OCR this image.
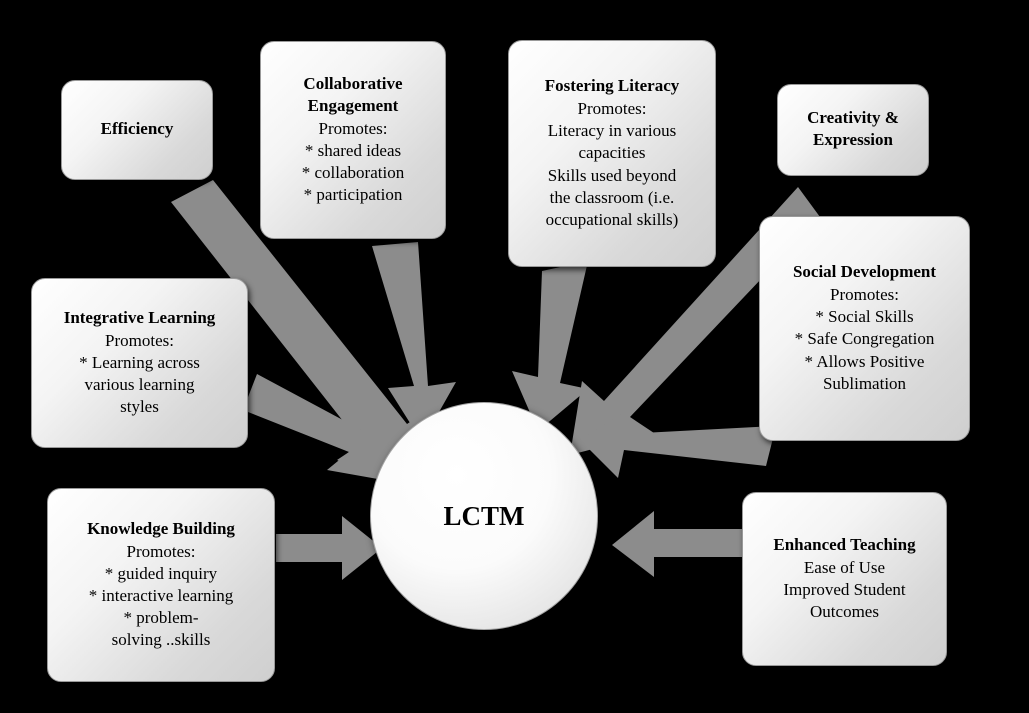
Efficiency
Collaborative
Engagement
Promotes:
* shared ideas
* collaboration
* participation
Fostering Literacy
Promotes:
Literacy in various
capacities
Skills used beyond
the classroom (i.e.
occupational skills)
Creativity &
Expression
Social Development
Promotes:
* Social Skills
* Safe Congregation
* Allows Positive
Sublimation
Integrative Learning
Promotes:
* Learning across
various learning
styles
Knowledge Building
Promotes:
* guided inquiry
* interactive learning
* problem-
solving ..skills
Enhanced Teaching
Ease of Use
Improved Student
Outcomes
LCTM
